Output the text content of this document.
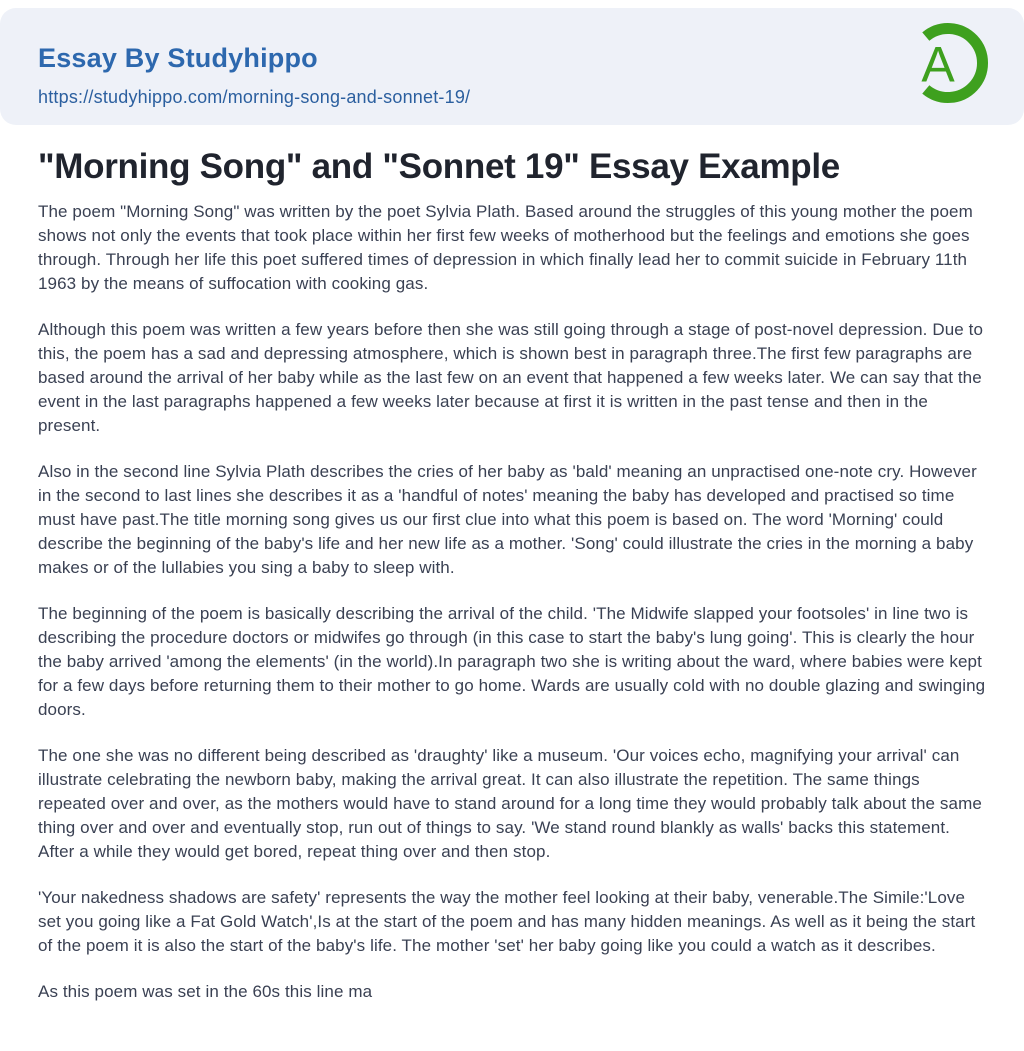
Essay By Studyhippo
https://studyhippo.com/morning-song-and-sonnet-19/
A
"Morning Song" and "Sonnet 19" Essay Example

The poem "Morning Song" was written by the poet Sylvia Plath. Based around the struggles of this young mother the poem shows not only the events that took place within her first few weeks of motherhood but the feelings and emotions she goes through. Through her life this poet suffered times of depression in which finally lead her to commit suicide in February 11th 1963 by the means of suffocation with cooking gas.

Although this poem was written a few years before then she was still going through a stage of post-novel depression. Due to this, the poem has a sad and depressing atmosphere, which is shown best in paragraph three.The first few paragraphs are based around the arrival of her baby while as the last few on an event that happened a few weeks later. We can say that the event in the last paragraphs happened a few weeks later because at first it is written in the past tense and then in the present.

Also in the second line Sylvia Plath describes the cries of her baby as 'bald' meaning an unpractised one-note cry. However in the second to last lines she describes it as a 'handful of notes' meaning the baby has developed and practised so time must have past.The title morning song gives us our first clue into what this poem is based on. The word 'Morning' could describe the beginning of the baby's life and her new life as a mother. 'Song' could illustrate the cries in the morning a baby makes or of the lullabies you sing a baby to sleep with.

The beginning of the poem is basically describing the arrival of the child. 'The Midwife slapped your footsoles' in line two is describing the procedure doctors or midwifes go through (in this case to start the baby's lung going'. This is clearly the hour the baby arrived 'among the elements' (in the world).In paragraph two she is writing about the ward, where babies were kept for a few days before returning them to their mother to go home. Wards are usually cold with no double glazing and swinging doors.

The one she was no different being described as 'draughty' like a museum. 'Our voices echo, magnifying your arrival' can illustrate celebrating the newborn baby, making the arrival great. It can also illustrate the repetition. The same things repeated over and over, as the mothers would have to stand around for a long time they would probably talk about the same thing over and over and eventually stop, run out of things to say. 'We stand round blankly as walls' backs this statement. After a while they would get bored, repeat thing over and then stop.

'Your nakedness shadows are safety' represents the way the mother feel looking at their baby, venerable.The Simile:'Love set you going like a Fat Gold Watch',Is at the start of the poem and has many hidden meanings. As well as it being the start of the poem it is also the start of the baby's life. The mother 'set' her baby going like you could a watch as it describes.

As this poem was set in the 60s this line ma
